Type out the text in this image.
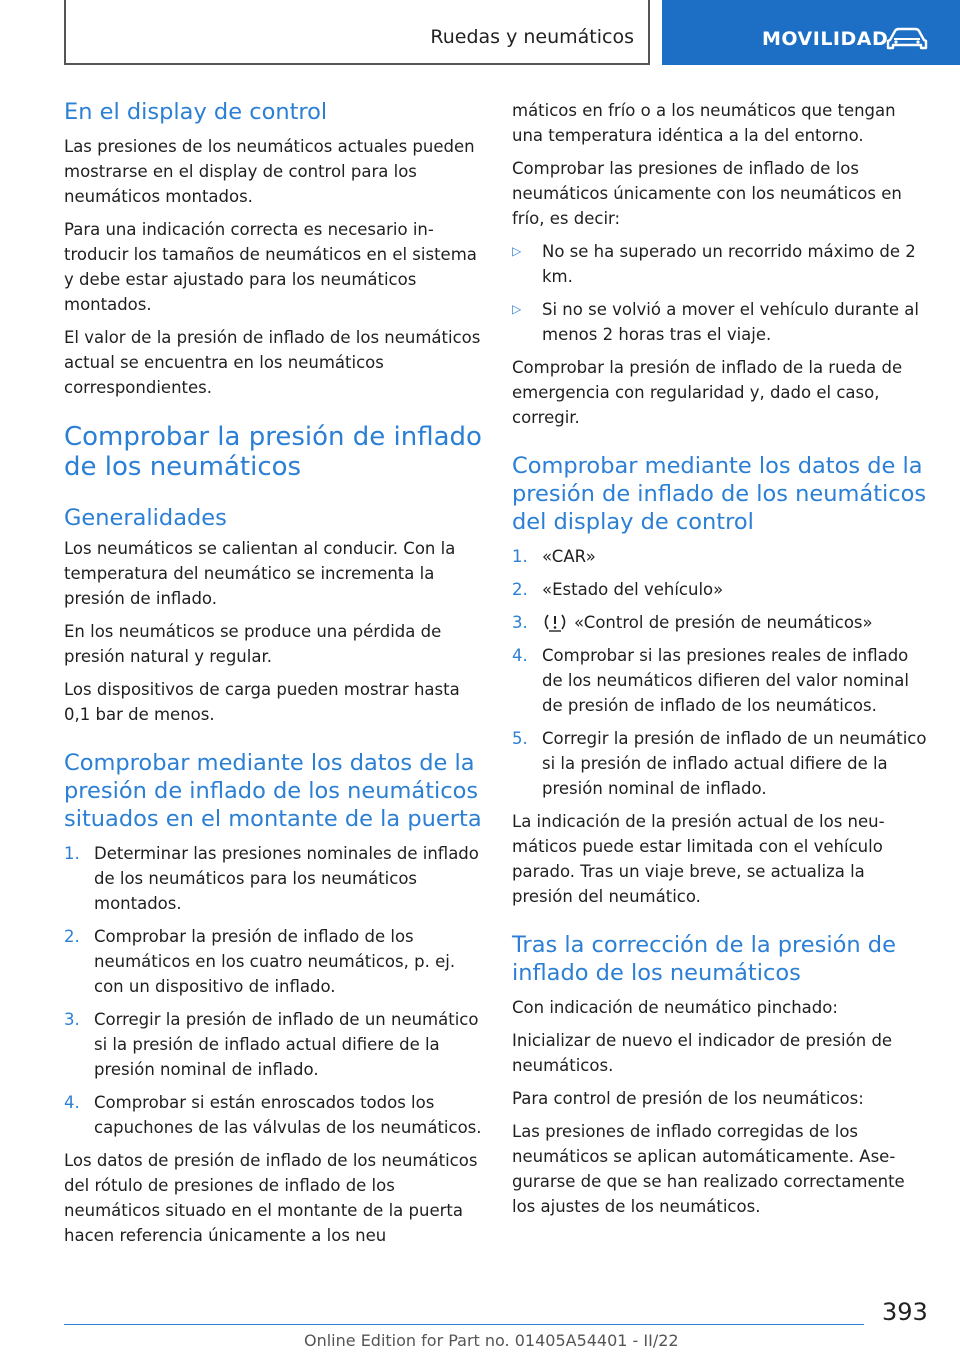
Ruedas y neumáticos	MOVILIDAD
En el display de control

Las presiones de los neumáticos actuales pueden mostrarse en el display de control para los neumáticos montados.

Para una indicación correcta es necesario introducir los tamaños de neumáticos en el sistema y debe estar ajustado para los neumáticos montados.

El valor de la presión de inflado de los neumáticos actual se encuentra en los neumáticos correspondientes.

Comprobar la presión de inflado de los neumáticos
Generalidades

Los neumáticos se calientan al conducir. Con la temperatura del neumático se incrementa la presión de inflado.

En los neumáticos se produce una pérdida de presión natural y regular.

Los dispositivos de carga pueden mostrar hasta 0,1 bar de menos.

Comprobar mediante los datos de la presión de inflado de los neumáticos situados en el montante de la puerta
1. Determinar las presiones nominales de inflado de los neumáticos para los neumáticos montados.
2. Comprobar la presión de inflado de los neumáticos en los cuatro neumáticos, p. ej. con un dispositivo de inflado.
3. Corregir la presión de inflado de un neumático si la presión de inflado actual difiere de la presión nominal de inflado.
4. Comprobar si están enroscados todos los capuchones de las válvulas de los neumáticos.

Los datos de presión de inflado de los neumáticos del rótulo de presiones de inflado de los neumáticos situado en el montante de la puerta hacen referencia únicamente a los neu

máticos en frío o a los neumáticos que tengan una temperatura idéntica a la del entorno.

Comprobar las presiones de inflado de los neumáticos únicamente con los neumáticos en frío, es decir:

▷ No se ha superado un recorrido máximo de 2 km.
▷ Si no se volvió a mover el vehículo durante al menos 2 horas tras el viaje.

Comprobar la presión de inflado de la rueda de emergencia con regularidad y, dado el caso, corregir.

Comprobar mediante los datos de la presión de inflado de los neumáticos del display de control
1. «CAR»
2. «Estado del vehículo»
3.	«Control de presión de neumáticos»
4. Comprobar si las presiones reales de inflado de los neumáticos difieren del valor nominal de presión de inflado de los neumáticos.
5. Corregir la presión de inflado de un neumático si la presión de inflado actual difiere de la presión nominal de inflado.

La indicación de la presión actual de los neumáticos puede estar limitada con el vehículo parado. Tras un viaje breve, se actualiza la presión del neumático.

Tras la corrección de la presión de inflado de los neumáticos

Con indicación de neumático pinchado:

Inicializar de nuevo el indicador de presión de neumáticos.

Para control de presión de los neumáticos:

Las presiones de inflado corregidas de los neumáticos se aplican automáticamente. Asegurarse de que se han realizado correctamente los ajustes de los neumáticos.

393
Online Edition for Part no. 01405A54401 - II/22
